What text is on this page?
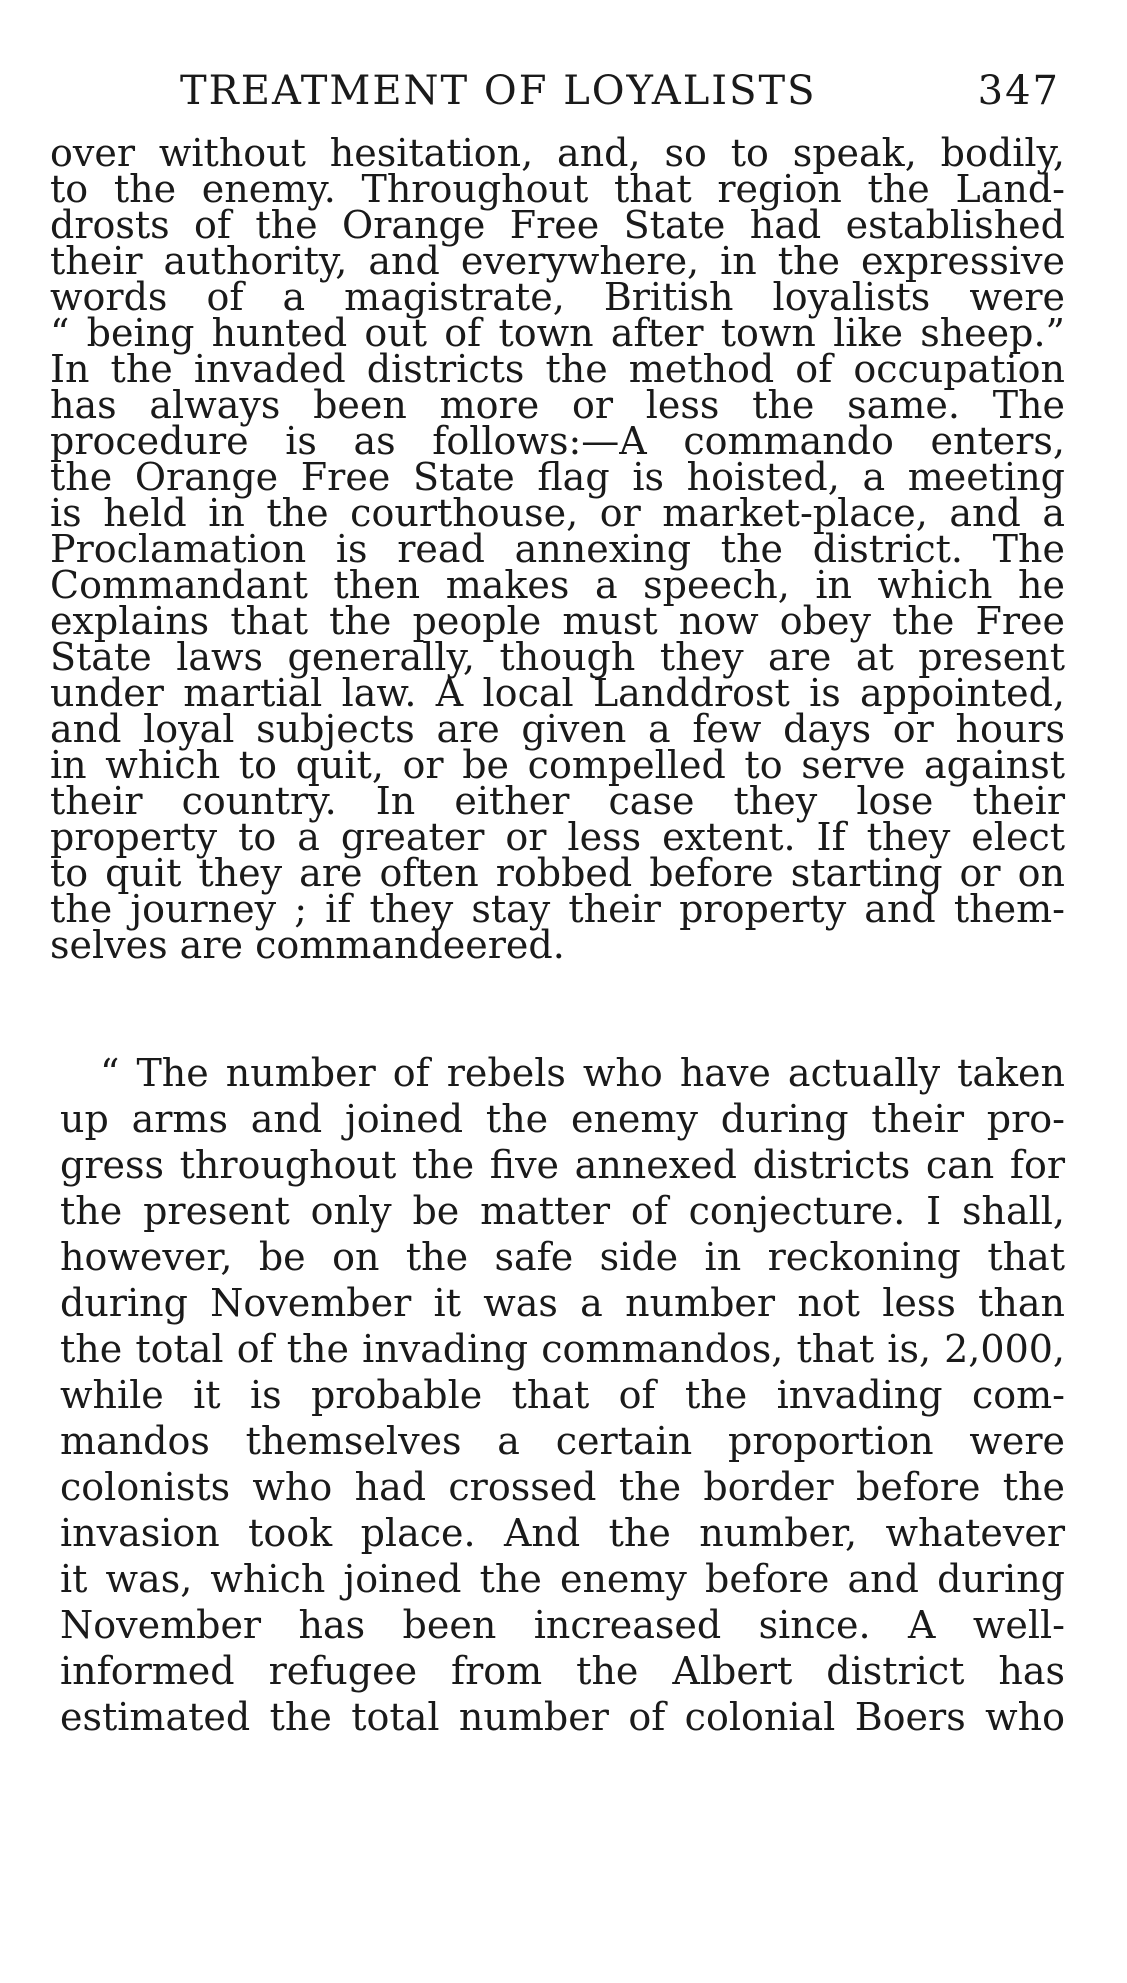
TREATMENT OF LOYALISTS	347
over without hesitation, and, so to speak, bodily,
to the enemy. Throughout that region the Land-
drosts of the Orange Free State had established
their authority, and everywhere, in the expressive
words of a magistrate, British loyalists were
“ being hunted out of town after town like sheep.”
In the invaded districts the method of occupation
has always been more or less the same. The
procedure is as follows:—A commando enters,
the Orange Free State flag is hoisted, a meeting
is held in the courthouse, or market-place, and a
Proclamation is read annexing the district. The
Commandant then makes a speech, in which he
explains that the people must now obey the Free
State laws generally, though they are at present
under martial law. A local Landdrost is appointed,
and loyal subjects are given a few days or hours
in which to quit, or be compelled to serve against
their country. In either case they lose their
property to a greater or less extent. If they elect
to quit they are often robbed before starting or on
the journey ; if they stay their property and them-
selves are commandeered.
“ The number of rebels who have actually taken
up arms and joined the enemy during their pro-
gress throughout the five annexed districts can for
the present only be matter of conjecture. I shall,
however, be on the safe side in reckoning that
during November it was a number not less than
the total of the invading commandos, that is, 2,000,
while it is probable that of the invading com-
mandos themselves a certain proportion were
colonists who had crossed the border before the
invasion took place. And the number, whatever
it was, which joined the enemy before and during
November has been increased since. A well-
informed refugee from the Albert district has
estimated the total number of colonial Boers who
